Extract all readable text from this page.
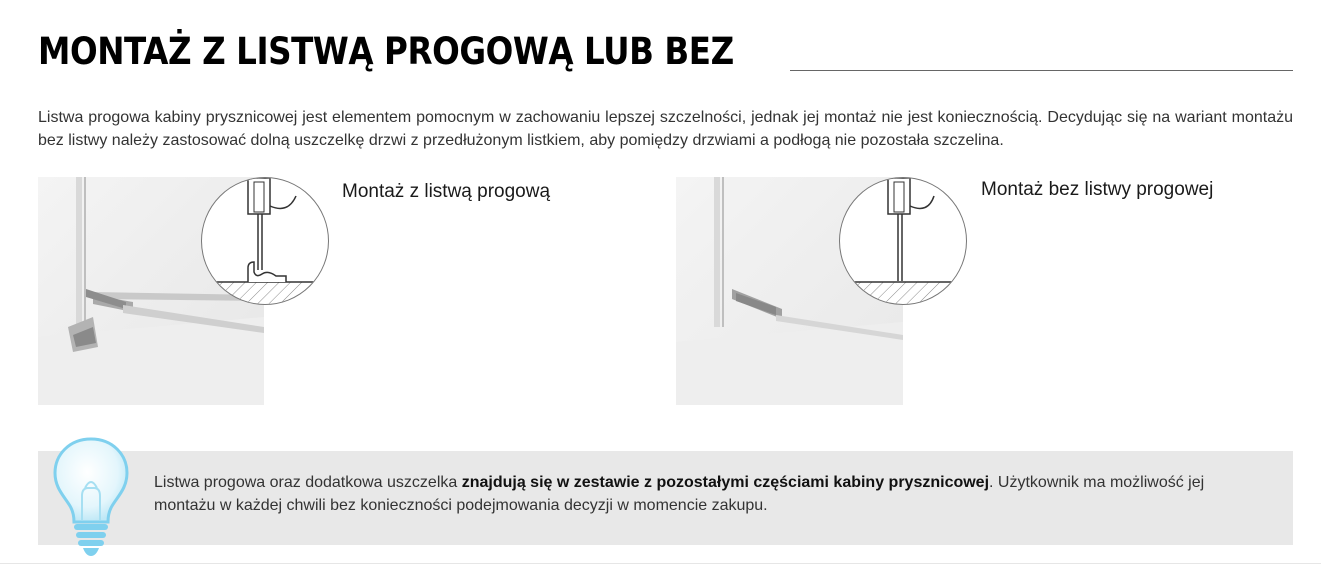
MONTAŻ Z LISTWĄ PROGOWĄ LUB BEZ

Listwa progowa kabiny prysznicowej jest elementem pomocnym w zachowaniu lepszej szczelności, jednak jej montaż nie jest koniecznością. Decydując się na wariant montażu bez listwy należy zastosować dolną uszczelkę drzwi z przedłużonym listkiem, aby pomiędzy drzwiami a podłogą nie pozostała szczelina.

Montaż z listwą progową	Montaż bez listwy progowej

Listwa progowa oraz dodatkowa uszczelka znajdują się w zestawie z pozostałymi częściami kabiny prysznicowej. Użytkownik ma możliwość jej montażu w każdej chwili bez konieczności podejmowania decyzji w momencie zakupu.
